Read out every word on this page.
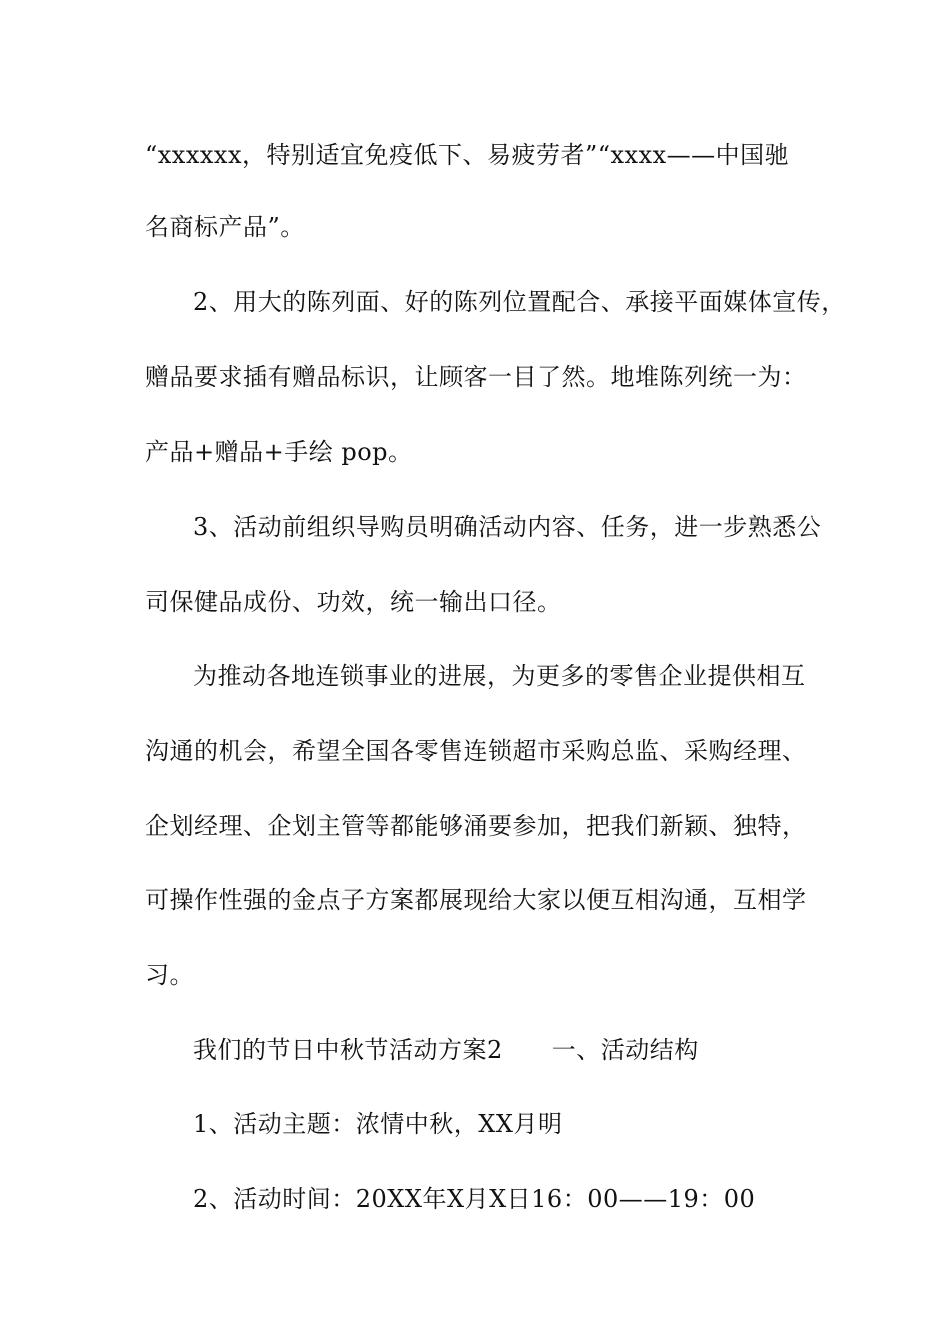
“xxxxxx，特别适宜免疫低下、易疲劳者”“xxxx——中国驰
名商标产品”。
2、用大的陈列面、好的陈列位置配合、承接平面媒体宣传，
赠品要求插有赠品标识，让顾客一目了然。地堆陈列统一为：
产品+赠品+手绘 pop。
3、活动前组织导购员明确活动内容、任务，进一步熟悉公
司保健品成份、功效，统一输出口径。
为推动各地连锁事业的进展，为更多的零售企业提供相互
沟通的机会，希望全国各零售连锁超市采购总监、采购经理、
企划经理、企划主管等都能够涌要参加，把我们新颖、独特，
可操作性强的金点子方案都展现给大家以便互相沟通，互相学
习。
我们的节日中秋节活动方案2　　一、活动结构
1、活动主题：浓情中秋，XX月明
2、活动时间：20XX年X月X日16：00——19：00
